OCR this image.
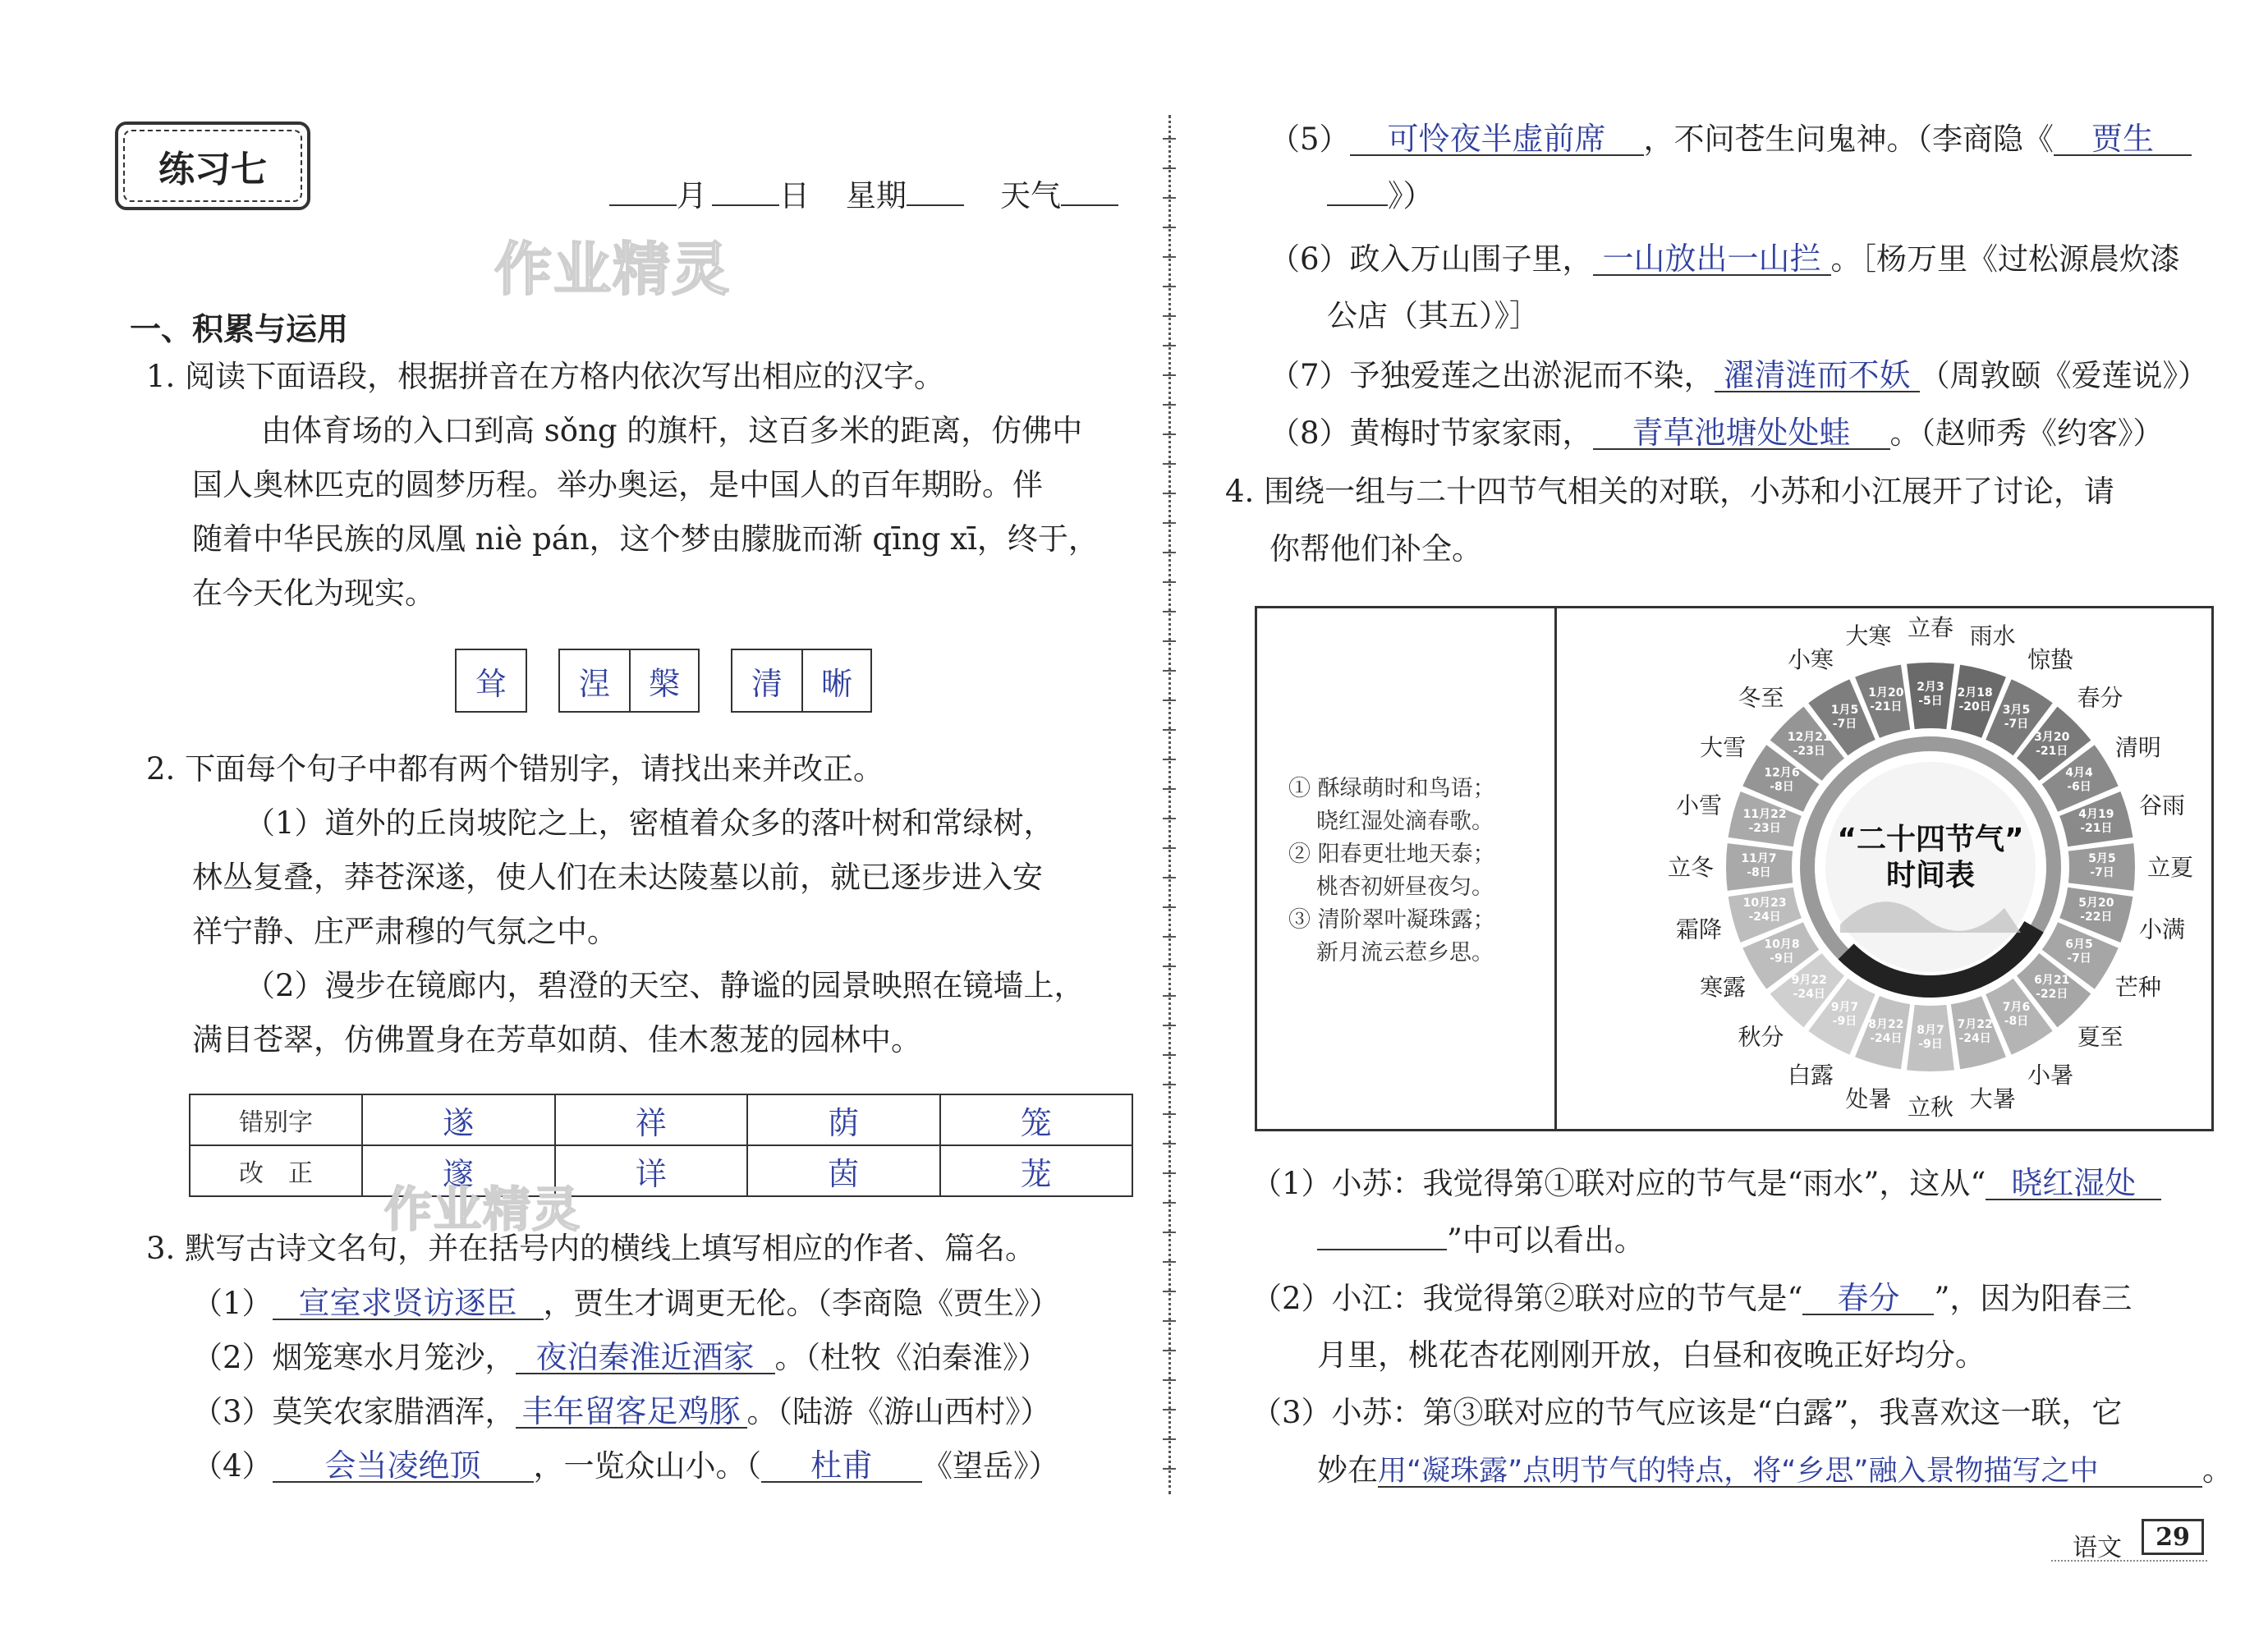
练习七
月 日 星期	天气
作业精灵
一、积累与运用
1. 阅读下面语段，根据拼音在方格内依次写出相应的汉字。
由体育场的入口到高 sǒng 的旗杆，这百多米的距离，仿佛中
国人奥林匹克的圆梦历程。举办奥运，是中国人的百年期盼。伴
随着中华民族的凤凰 niè pán，这个梦由朦胧而渐 qīng xī，终于，
在今天化为现实。
耸	涅	槃	清	晰
2. 下面每个句子中都有两个错别字，请找出来并改正。
（1）道外的丘岗坡陀之上，密植着众多的落叶树和常绿树，
林丛复叠，莽苍深遂，使人们在未达陵墓以前，就已逐步进入安
祥宁静、庄严肃穆的气氛之中。
（2）漫步在镜廊内，碧澄的天空、静谧的园景映照在镜墙上，
满目苍翠，仿佛置身在芳草如荫、佳木葱茏的园林中。
错别字	遂	祥	荫	笼
改　正	邃	详	茵	茏
作业精灵
3. 默写古诗文名句，并在括号内的横线上填写相应的作者、篇名。
（1） 宣室求贤访逐臣 ，贾生才调更无伦。（李商隐《贾生》）
（2）烟笼寒水月笼沙， 夜泊秦淮近酒家 。（杜牧《泊秦淮》）
（3）莫笑农家腊酒浑， 丰年留客足鸡豚 。（陆游《游山西村》）
（4） 会当凌绝顶 ，一览众山小。（ 杜甫 《望岳》）
（5） 可怜夜半虚前席 ，不问苍生问鬼神。（李商隐《 贾生
》）
（6）政入万山围子里， 一山放出一山拦 。［杨万里《过松源晨炊漆
公店（其五）》］
（7）予独爱莲之出淤泥而不染， 濯清涟而不妖 （周敦颐《爱莲说》）
（8）黄梅时节家家雨， 青草池塘处处蛙 。（赵师秀《约客》）
4. 围绕一组与二十四节气相关的对联，小苏和小江展开了讨论，请
你帮他们补全。
① 酥绿萌时和鸟语；
晓红湿处滴春歌。
② 阳春更壮地天泰；
桃杏初妍昼夜匀。
③ 清阶翠叶凝珠露；
新月流云惹乡思。
2月3 -5日
立春
2月18 -20日
雨水
3月5 -7日
惊蛰
3月20 -21日
春分
4月4 -6日
清明
4月19 -21日
谷雨
5月5 -7日 立夏
5月20 -22日 小满
6月5 -7日
芒种
6月21 -22日
夏至
7月6 -8日
小暑
7月22 -24日
大暑
8月7 -9日
立秋
8月22 -24日
处暑
9月7 -9日
白露
9月22 -24日
秋分
10月8 -9日
寒露
10月23 -24日
霜降
11月7 -8日
立冬
11月22 -23日
小雪
12月6 -8日
大雪	12月21 -23日
冬至	1月5 -7日
小寒
1月20 -21日
大寒
“二十四节气”
时间表
（1）小苏：我觉得第①联对应的节气是“雨水”，这从“ 晓红湿处
”中可以看出。
（2）小江：我觉得第②联对应的节气是“ 春分 ”，因为阳春三
月里，桃花杏花刚刚开放，白昼和夜晚正好均分。
（3）小苏：第③联对应的节气应该是“白露”，我喜欢这一联，它
妙在用“凝珠露”点明节气的特点，将“乡思”融入景物描写之中	。
语文	29
